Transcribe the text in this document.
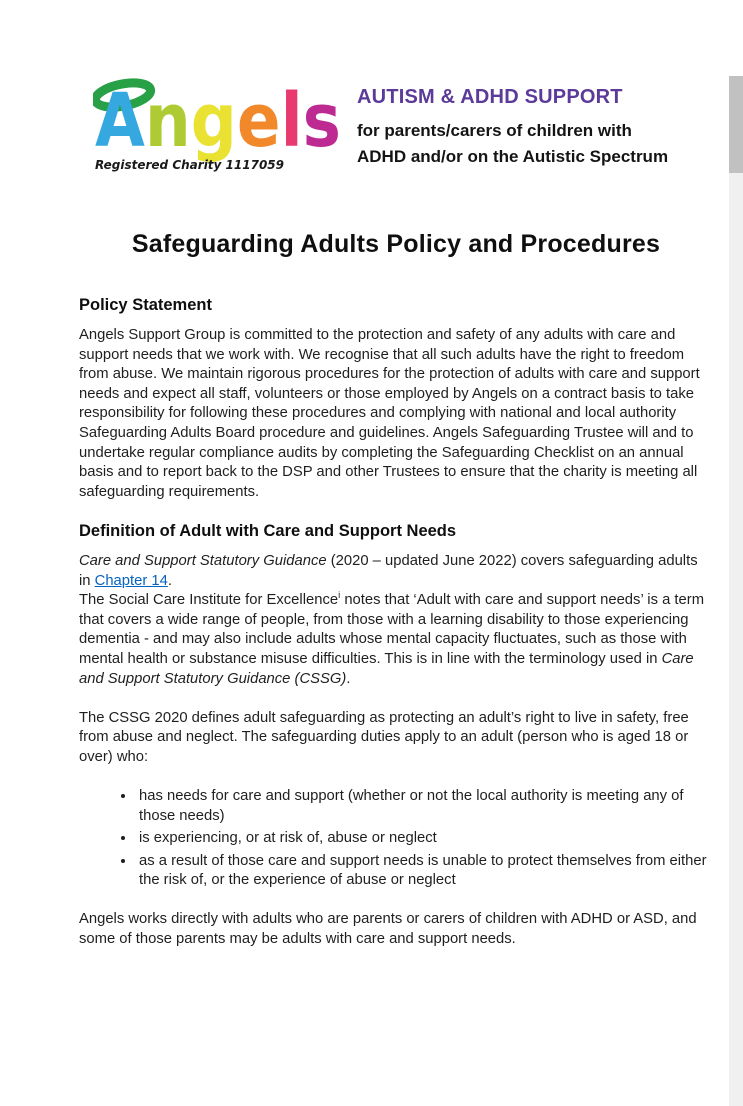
Angels
Registered Charity 1117059
AUTISM & ADHD SUPPORT
for parents/carers of children with
ADHD and/or on the Autistic Spectrum
Safeguarding Adults Policy and Procedures
Policy Statement

Angels Support Group is committed to the protection and safety of any adults with care and support needs that we work with. We recognise that all such adults have the right to freedom from abuse. We maintain rigorous procedures for the protection of adults with care and support needs and expect all staff, volunteers or those employed by Angels on a contract basis to take responsibility for following these procedures and complying with national and local authority Safeguarding Adults Board procedure and guidelines. Angels Safeguarding Trustee will and to undertake regular compliance audits by completing the Safeguarding Checklist on an annual basis and to report back to the DSP and other Trustees to ensure that the charity is meeting all safeguarding requirements.

Definition of Adult with Care and Support Needs

Care and Support Statutory Guidance (2020 – updated June 2022) covers safeguarding adults in Chapter 14.

The Social Care Institute for Excellence$^i$ notes that ‘Adult with care and support needs’ is a term that covers a wide range of people, from those with a learning disability to those experiencing dementia - and may also include adults whose mental capacity fluctuates, such as those with mental health or substance misuse difficulties. This is in line with the terminology used in Care and Support Statutory Guidance (CSSG).

The CSSG 2020 defines adult safeguarding as protecting an adult’s right to live in safety, free from abuse and neglect. The safeguarding duties apply to an adult (person who is aged 18 or over) who:

• has needs for care and support (whether or not the local authority is meeting any of those needs)
• is experiencing, or at risk of, abuse or neglect
• as a result of those care and support needs is unable to protect themselves from either the risk of, or the experience of abuse or neglect

Angels works directly with adults who are parents or carers of children with ADHD or ASD, and some of those parents may be adults with care and support needs.
